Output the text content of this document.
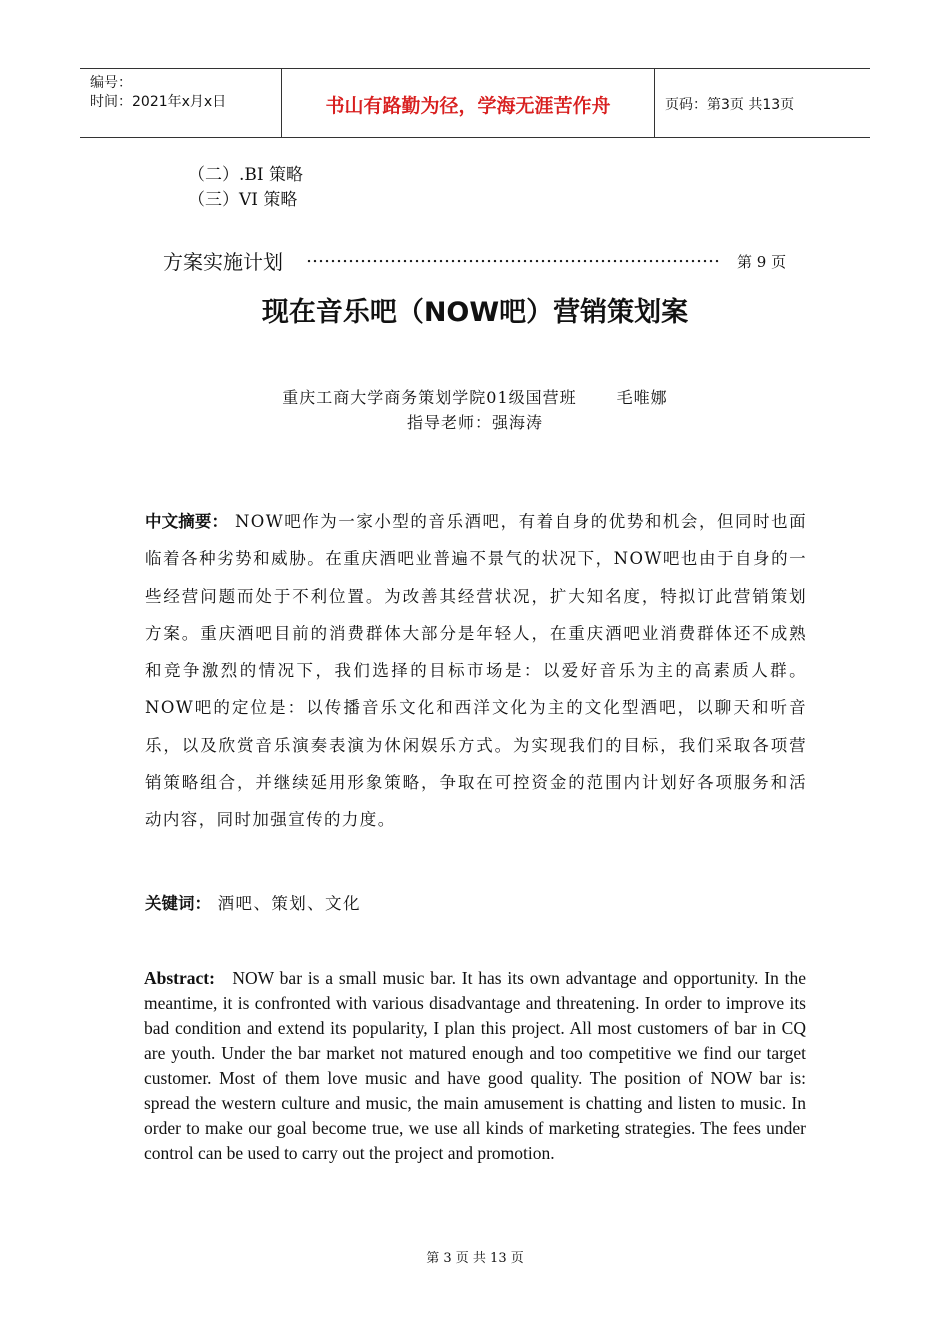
编号：
时间：2021年x月x日	书山有路勤为径，学海无涯苦作舟	页码：第3页 共13页
（二）.BI 策略
（三）VI 策略
方案实施计划 …………………………………………………………… 第 9 页
现在音乐吧（NOW吧）营销策划案
重庆工商大学商务策划学院01级国营班	毛唯娜
指导老师：强海涛
中文摘要： NOW吧作为一家小型的音乐酒吧，有着自身的优势和机会，但同时也面临着各种劣势和威胁。在重庆酒吧业普遍不景气的状况下，NOW吧也由于自身的一些经营问题而处于不利位置。为改善其经营状况，扩大知名度，特拟订此营销策划方案。重庆酒吧目前的消费群体大部分是年轻人，在重庆酒吧业消费群体还不成熟和竞争激烈的情况下，我们选择的目标市场是：以爱好音乐为主的高素质人群。NOW吧的定位是：以传播音乐文化和西洋文化为主的文化型酒吧，以聊天和听音乐，以及欣赏音乐演奏表演为休闲娱乐方式。为实现我们的目标，我们采取各项营销策略组合，并继续延用形象策略，争取在可控资金的范围内计划好各项服务和活动内容，同时加强宣传的力度。
关键词： 酒吧、策划、文化
Abstract: NOW bar is a small music bar. It has its own advantage and opportunity. In the meantime, it is confronted with various disadvantage and threatening. In order to improve its bad condition and extend its popularity, I plan this project. All most customers of bar in CQ are youth. Under the bar market not matured enough and too competitive we find our target customer. Most of them love music and have good quality. The position of NOW bar is: spread the western culture and music, the main amusement is chatting and listen to music. In order to make our goal become true, we use all kinds of marketing strategies. The fees under control can be used to carry out the project and promotion.
第 3 页 共 13 页
